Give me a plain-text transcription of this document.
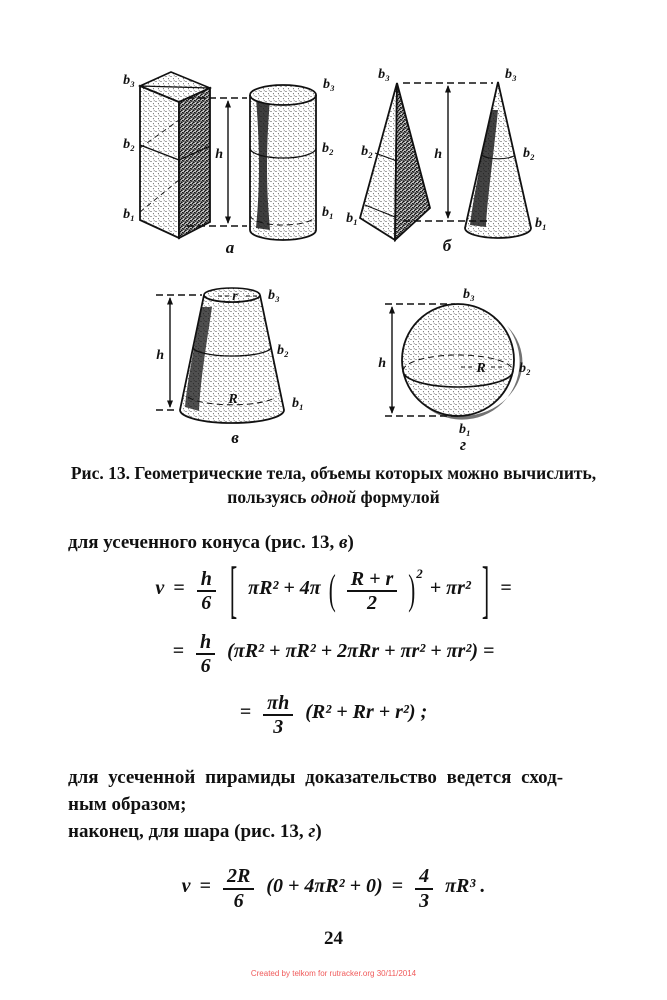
b₃
b₂
b₁
h
b₃
b₂
b₁
а
b₃
b₂
b₁
h
b₃
b₂
b₁
б
r
R
b₃
b₂
b₁
h
в
R
b₃
b₂
b₁
h
г
Рис. 13. Геометрические тела, объемы которых можно вычислить,
пользуясь одной формулой
для усеченного конуса (рис. 13, в)
$v = \frac{h}{6}$ [ πR² + 4π ( $\frac{R + r}{2} )^2 + \pi r^2$ ] =
= $\frac{h}{6} (\pi R^2 + \pi R^2 + 2\pi Rr + \pi r^2 + \pi r^2)$ =
= $\frac{\pi h}{3} (R^2 + Rr + r^2)$ ;
для усеченной пирамиды доказательство ведется сход-
ным образом;
наконец, для шара (рис. 13, г)
$v = \frac{2R}{6} (0 + 4\pi R^2 + 0) = \frac{4}{3} \pi R^3$ .
24
Created by telkom for rutracker.org 30/11/2014
